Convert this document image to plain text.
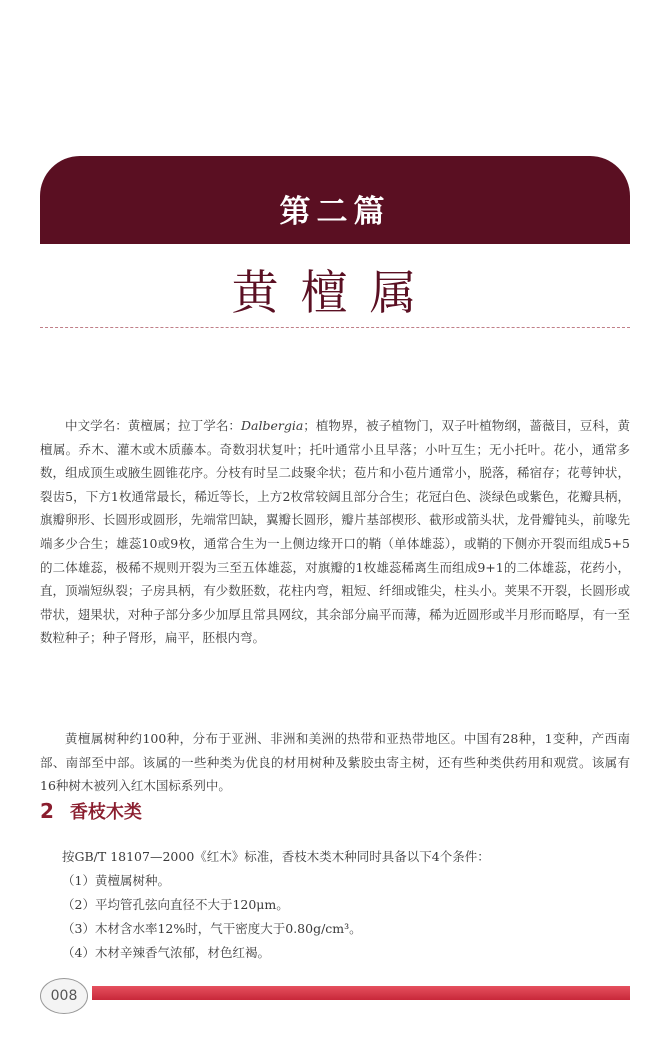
第二篇
黄檀属

中文学名：黄檀属；拉丁学名：Dalbergia；植物界，被子植物门，双子叶植物纲，蔷薇目，豆科，黄檀属。乔木、灌木或木质藤本。奇数羽状复叶；托叶通常小且早落；小叶互生；无小托叶。花小，通常多数，组成顶生或腋生圆锥花序。分枝有时呈二歧聚伞状；苞片和小苞片通常小，脱落，稀宿存；花萼钟状，裂齿5，下方1枚通常最长，稀近等长，上方2枚常较阔且部分合生；花冠白色、淡绿色或紫色，花瓣具柄，旗瓣卵形、长圆形或圆形，先端常凹缺，翼瓣长圆形，瓣片基部楔形、截形或箭头状，龙骨瓣钝头，前喙先端多少合生；雄蕊10或9枚，通常合生为一上侧边缘开口的鞘（单体雄蕊），或鞘的下侧亦开裂而组成5+5的二体雄蕊，极稀不规则开裂为三至五体雄蕊，对旗瓣的1枚雄蕊稀离生而组成9+1的二体雄蕊，花药小，直，顶端短纵裂；子房具柄，有少数胚数，花柱内弯，粗短、纤细或锥尖，柱头小。荚果不开裂，长圆形或带状，翅果状，对种子部分多少加厚且常具网纹，其余部分扁平而薄，稀为近圆形或半月形而略厚，有一至数粒种子；种子肾形，扁平，胚根内弯。

黄檀属树种约100种，分布于亚洲、非洲和美洲的热带和亚热带地区。中国有28种，1变种，产西南部、南部至中部。该属的一些种类为优良的材用树种及紫胶虫寄主树，还有些种类供药用和观赏。该属有16种树木被列入红木国标系列中。

2 香枝木类
按GB/T 18107—2000《红木》标准，香枝木类木种同时具备以下4个条件：
（1）黄檀属树种。
（2）平均管孔弦向直径不大于120μm。
（3）木材含水率12%时，气干密度大于0.80g/cm³。
（4）木材辛辣香气浓郁，材色红褐。
008
